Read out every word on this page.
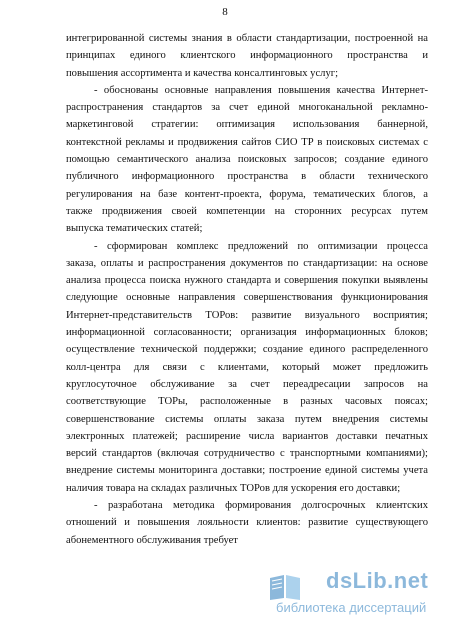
8
интегрированной системы знания в области стандартизации, построенной на
принципах единого клиентского информационного пространства и
повышения ассортимента и качества консалтинговых услуг;
- обоснованы основные направления повышения качества Интернет-
распространения стандартов за счет единой многоканальной рекламно-
маркетинговой стратегии: оптимизация использования баннерной,
контекстной рекламы и продвижения сайтов СИО ТР в поисковых системах с
помощью семантического анализа поисковых запросов; создание единого
публичного информационного пространства в области технического
регулирования на базе контент-проекта, форума, тематических блогов, а
также продвижения своей компетенции на сторонних ресурсах путем
выпуска тематических статей;
- сформирован комплекс предложений по оптимизации процесса
заказа, оплаты и распространения документов по стандартизации: на основе
анализа процесса поиска нужного стандарта и совершения покупки выявлены
следующие основные направления совершенствования функционирования
Интернет-представительств ТОРов: развитие визуального восприятия;
информационной согласованности; организация информационных блоков;
осуществление технической поддержки; создание единого распределенного
колл-центра для связи с клиентами, который может предложить
круглосуточное обслуживание за счет переадресации запросов на
соответствующие ТОРы, расположенные в разных часовых поясах;
совершенствование системы оплаты заказа путем внедрения системы
электронных платежей; расширение числа вариантов доставки печатных
версий стандартов (включая сотрудничество с транспортными компаниями);
внедрение системы мониторинга доставки; построение единой системы учета
наличия товара на складах различных ТОРов для ускорения его доставки;
- разработана методика формирования долгосрочных клиентских
отношений и повышения лояльности клиентов: развитие существующего
абонементного обслуживания требует
dsLib.net
библиотека диссертаций
